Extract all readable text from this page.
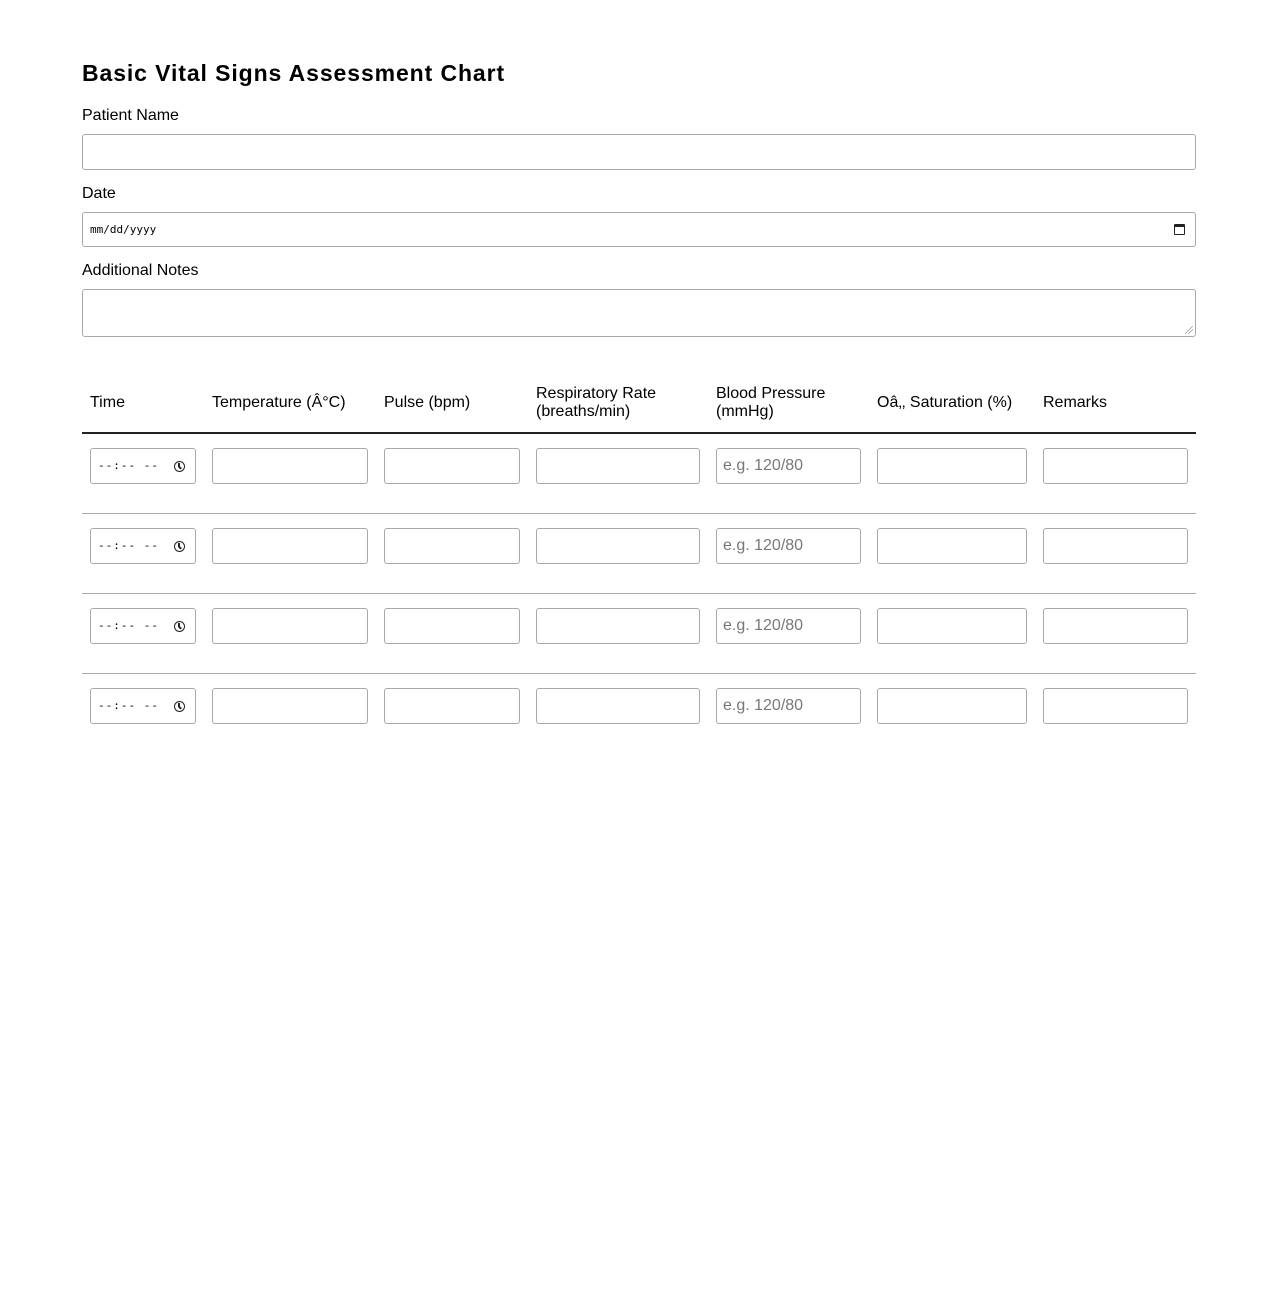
Basic Vital Signs Assessment Chart
Patient Name
Date
mm/dd/yyyy
Additional Notes
Time	Temperature (Â°C)	Pulse (bpm)	Respiratory Rate (breaths/min)	Blood Pressure (mmHg)	Oâ‚‚ Saturation (%)	Remarks

--:-- --				e.g. 120/80		

--:-- --				e.g. 120/80		

--:-- --				e.g. 120/80		

--:-- --				e.g. 120/80		
